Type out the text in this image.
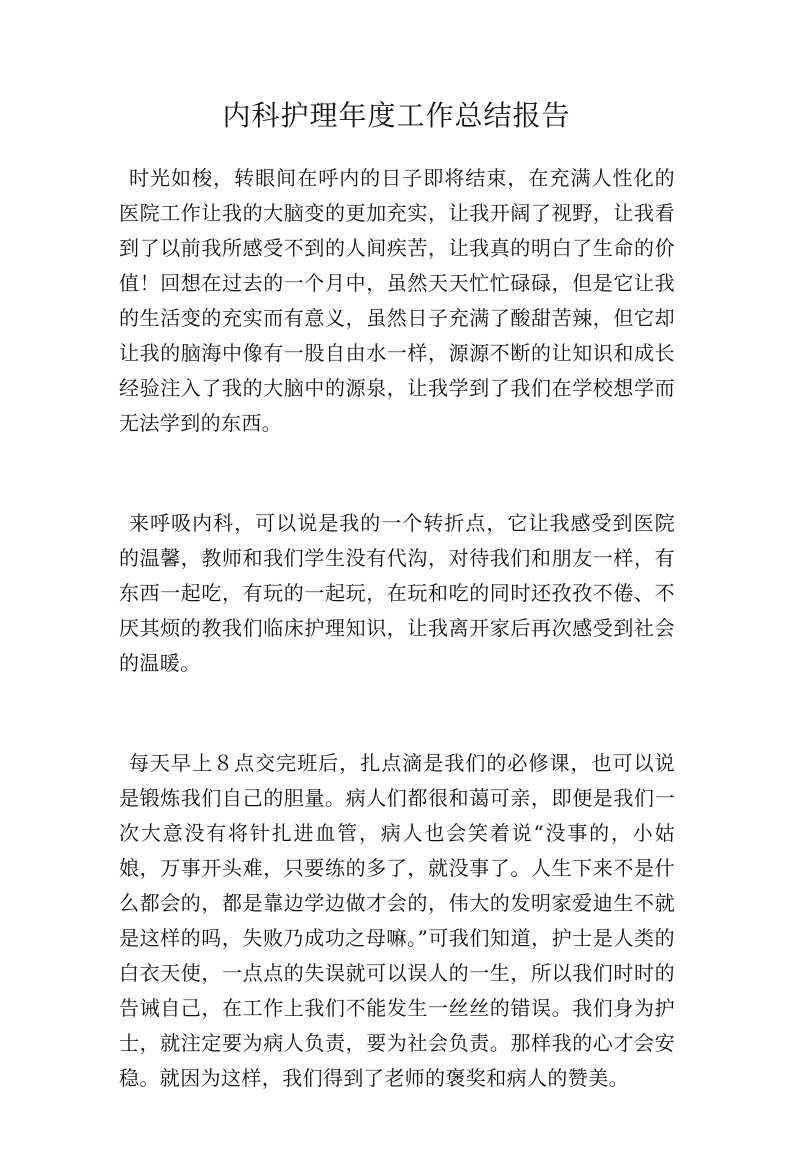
内科护理年度工作总结报告

时光如梭，转眼间在呼内的日子即将结束，在充满人性化的医院工作让我的大脑变的更加充实，让我开阔了视野，让我看到了以前我所感受不到的人间疾苦，让我真的明白了生命的价值！回想在过去的一个月中，虽然天天忙忙碌碌，但是它让我的生活变的充实而有意义，虽然日子充满了酸甜苦辣，但它却让我的脑海中像有一股自由水一样，源源不断的让知识和成长经验注入了我的大脑中的源泉，让我学到了我们在学校想学而无法学到的东西。

来呼吸内科，可以说是我的一个转折点，它让我感受到医院的温馨，教师和我们学生没有代沟，对待我们和朋友一样，有东西一起吃，有玩的一起玩，在玩和吃的同时还孜孜不倦、不厌其烦的教我们临床护理知识，让我离开家后再次感受到社会的温暖。

每天早上８点交完班后，扎点滴是我们的必修课，也可以说是锻炼我们自己的胆量。病人们都很和蔼可亲，即便是我们一次大意没有将针扎进血管，病人也会笑着说“没事的，小姑娘，万事开头难，只要练的多了，就没事了。人生下来不是什么都会的，都是靠边学边做才会的，伟大的发明家爱迪生不就是这样的吗，失败乃成功之母嘛。”可我们知道，护士是人类的白衣天使，一点点的失误就可以误人的一生，所以我们时时的告诫自己，在工作上我们不能发生一丝丝的错误。我们身为护士，就注定要为病人负责，要为社会负责。那样我的心才会安稳。就因为这样，我们得到了老师的褒奖和病人的赞美。
